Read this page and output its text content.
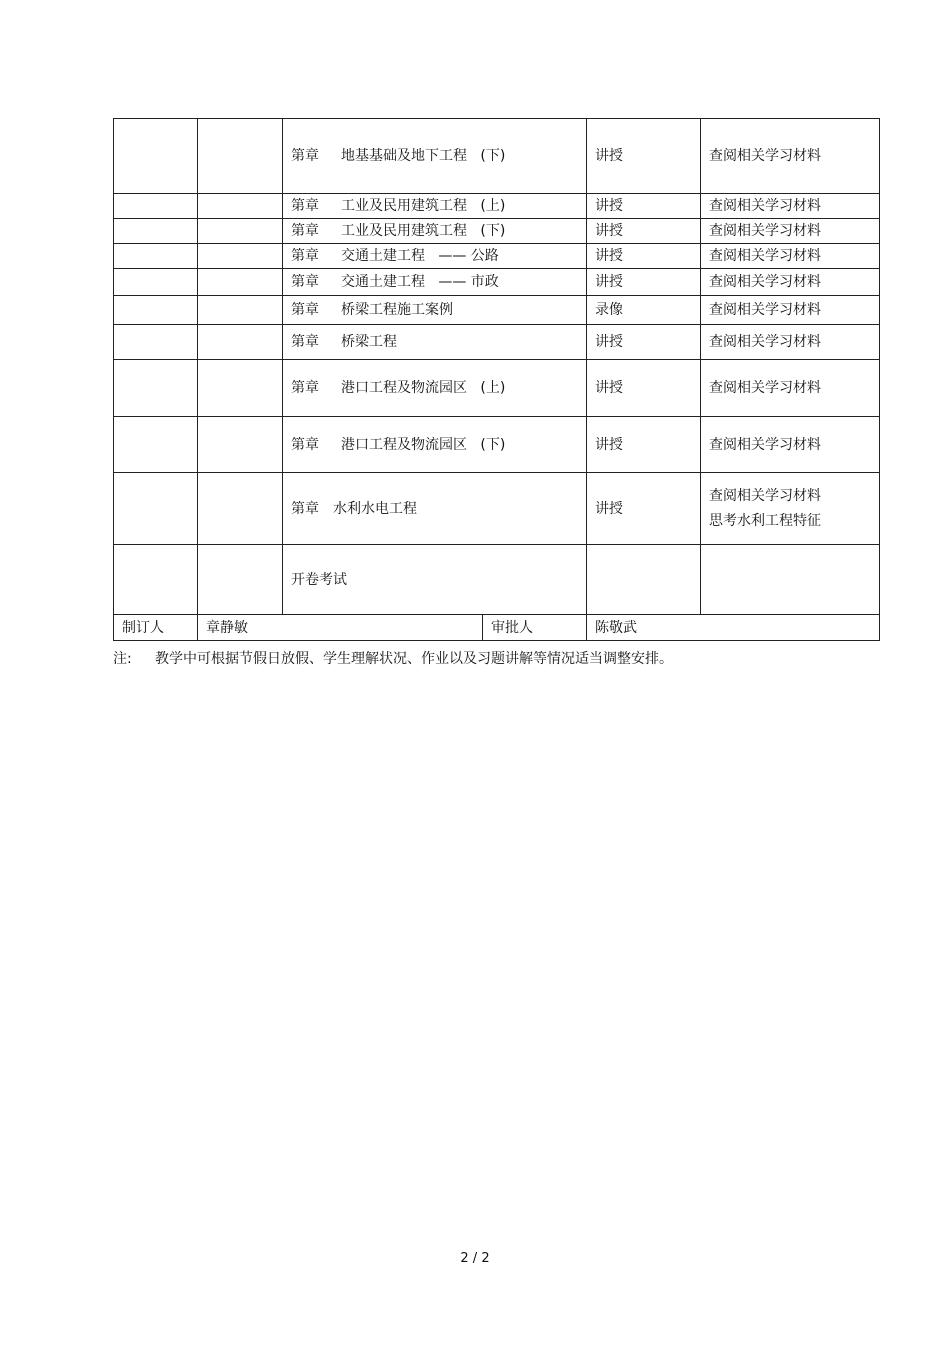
		第章 地基基础及地下工程 (下)		讲授	查阅相关学习材料
		第章 工业及民用建筑工程 (上)		讲授	查阅相关学习材料
		第章 工业及民用建筑工程 (下)		讲授	查阅相关学习材料
		第章 交通土建工程 —— 公路		讲授	查阅相关学习材料
		第章 交通土建工程 —— 市政		讲授	查阅相关学习材料
		第章 桥梁工程施工案例		录像	查阅相关学习材料
		第章 桥梁工程		讲授	查阅相关学习材料
		第章 港口工程及物流园区 (上)		讲授	查阅相关学习材料
		第章 港口工程及物流园区 (下)		讲授	查阅相关学习材料
		第章 水利水电工程		讲授	查阅相关学习材料
思考水利工程特征

		开卷考试			
制订人	章静敏		审批人	陈敬武	
注: 教学中可根据节假日放假、学生理解状况、作业以及习题讲解等情况适当调整安排。
2 / 2
